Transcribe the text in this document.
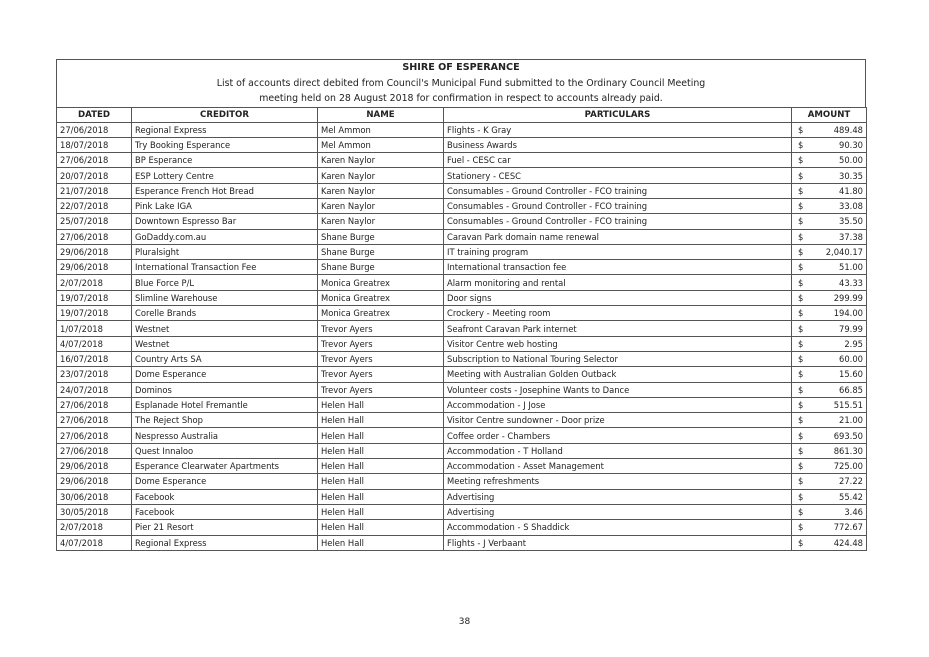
SHIRE OF ESPERANCE
List of accounts direct debited from Council's Municipal Fund submitted to the Ordinary Council Meeting
meeting held on 28 August 2018 for confirmation in respect to accounts already paid.
DATED	CREDITOR	NAME	PARTICULARS	AMOUNT
27/06/2018	Regional Express	Mel Ammon	Flights - K Gray	$ 489.48

18/07/2018	Try Booking Esperance	Mel Ammon	Business Awards	$ 90.30

27/06/2018	BP Esperance	Karen Naylor	Fuel - CESC car	$ 50.00

20/07/2018	ESP Lottery Centre	Karen Naylor	Stationery - CESC	$ 30.35

21/07/2018	Esperance French Hot Bread	Karen Naylor	Consumables - Ground Controller - FCO training	$ 41.80

22/07/2018	Pink Lake IGA	Karen Naylor	Consumables - Ground Controller - FCO training	$ 33.08

25/07/2018	Downtown Espresso Bar	Karen Naylor	Consumables - Ground Controller - FCO training	$ 35.50

27/06/2018	GoDaddy.com.au	Shane Burge	Caravan Park domain name renewal	$ 37.38

29/06/2018	Pluralsight	Shane Burge	IT training program	$ 2,040.17

29/06/2018	International Transaction Fee	Shane Burge	International transaction fee	$ 51.00

2/07/2018	Blue Force P/L	Monica Greatrex	Alarm monitoring and rental	$ 43.33

19/07/2018	Slimline Warehouse	Monica Greatrex	Door signs	$ 299.99

19/07/2018	Corelle Brands	Monica Greatrex	Crockery - Meeting room	$ 194.00

1/07/2018	Westnet	Trevor Ayers	Seafront Caravan Park internet	$ 79.99

4/07/2018	Westnet	Trevor Ayers	Visitor Centre web hosting	$ 2.95

16/07/2018	Country Arts SA	Trevor Ayers	Subscription to National Touring Selector	$ 60.00

23/07/2018	Dome Esperance	Trevor Ayers	Meeting with Australian Golden Outback	$ 15.60

24/07/2018	Dominos	Trevor Ayers	Volunteer costs - Josephine Wants to Dance	$ 66.85

27/06/2018	Esplanade Hotel Fremantle	Helen Hall	Accommodation - J Jose	$ 515.51

27/06/2018	The Reject Shop	Helen Hall	Visitor Centre sundowner - Door prize	$ 21.00

27/06/2018	Nespresso Australia	Helen Hall	Coffee order - Chambers	$ 693.50

27/06/2018	Quest Innaloo	Helen Hall	Accommodation - T Holland	$ 861.30

29/06/2018	Esperance Clearwater Apartments	Helen Hall	Accommodation - Asset Management	$ 725.00

29/06/2018	Dome Esperance	Helen Hall	Meeting refreshments	$ 27.22

30/06/2018	Facebook	Helen Hall	Advertising	$ 55.42

30/05/2018	Facebook	Helen Hall	Advertising	$ 3.46

2/07/2018	Pier 21 Resort	Helen Hall	Accommodation - S Shaddick	$ 772.67

4/07/2018	Regional Express	Helen Hall	Flights - J Verbaant	$ 424.48
38
